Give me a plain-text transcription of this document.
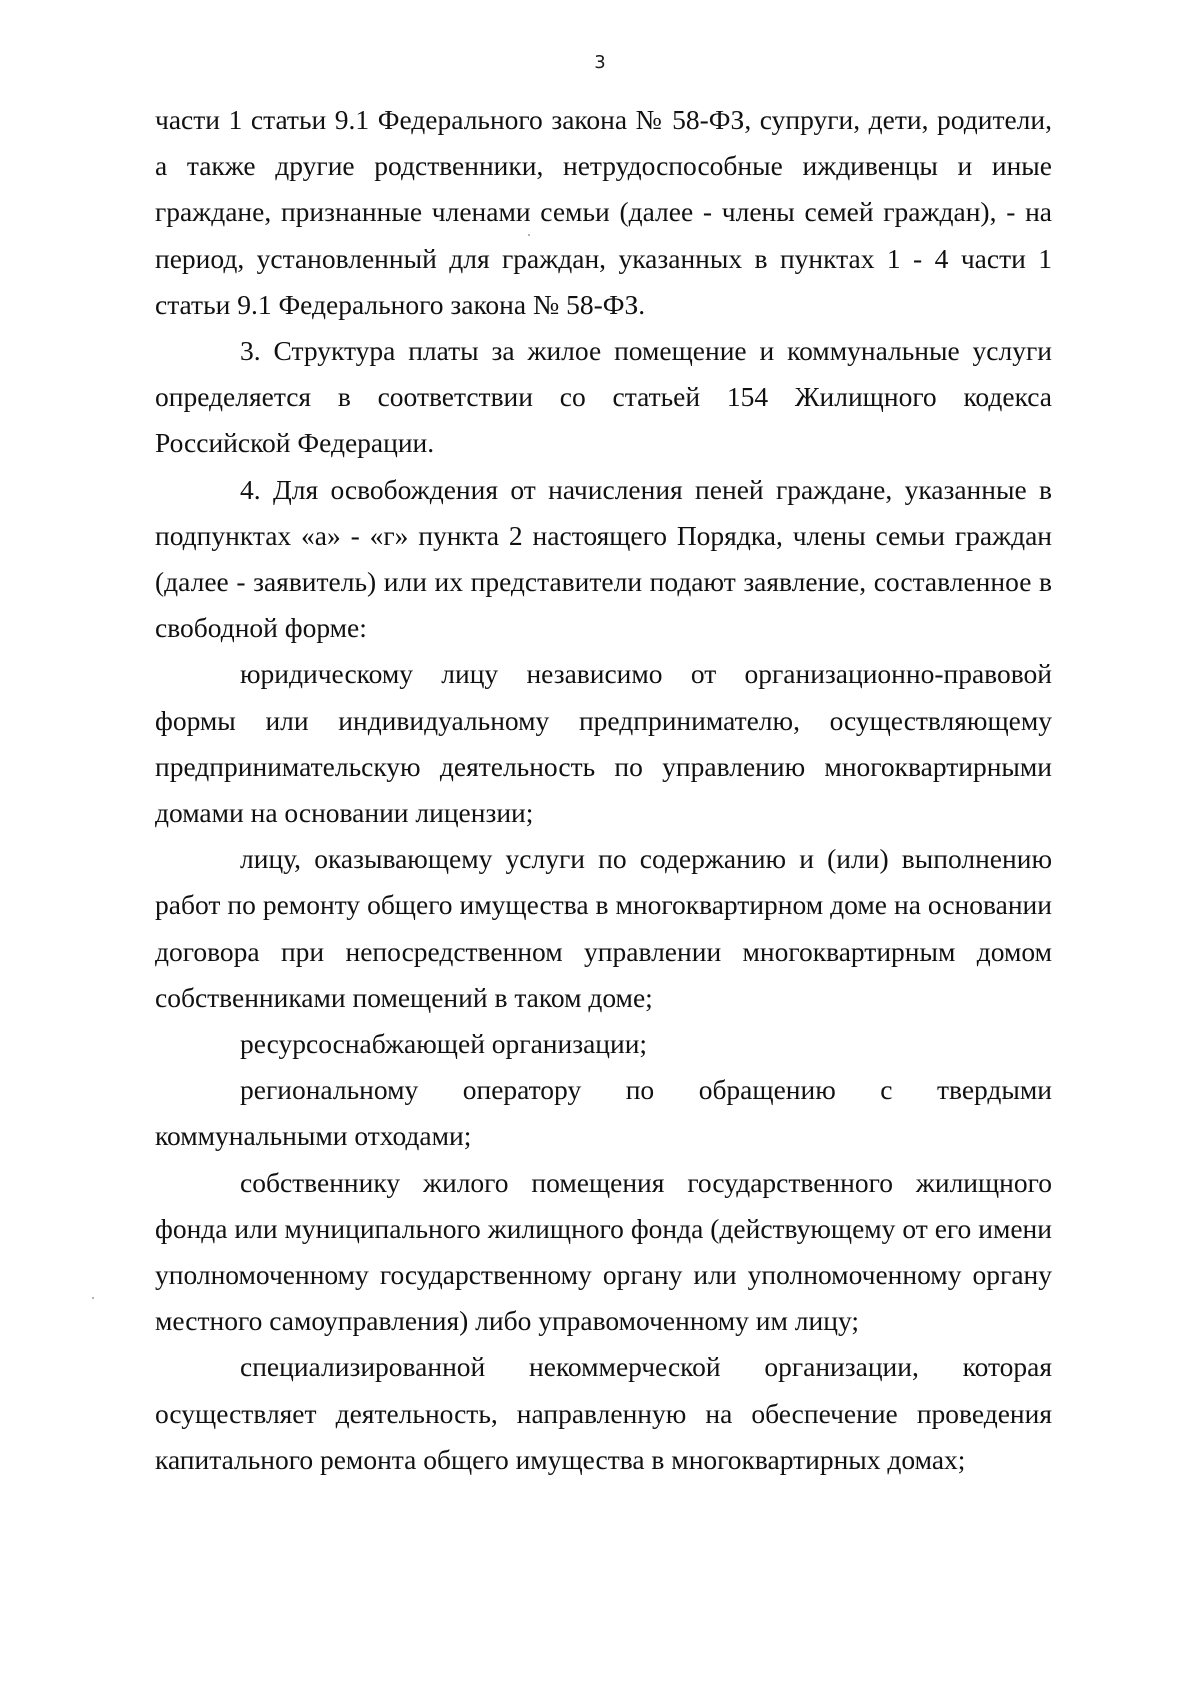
3

части 1 статьи 9.1 Федерального закона № 58-ФЗ, супруги, дети, родители, а также другие родственники, нетрудоспособные иждивенцы и иные граждане, признанные членами семьи (далее - члены семей граждан), - на период, установленный для граждан, указанных в пунктах 1 - 4 части 1 статьи 9.1 Федерального закона № 58-ФЗ.

3. Структура платы за жилое помещение и коммунальные услуги определяется в соответствии со статьей 154 Жилищного кодекса Российской Федерации.

4. Для освобождения от начисления пеней граждане, указанные в подпунктах «а» - «г» пункта 2 настоящего Порядка, члены семьи граждан (далее - заявитель) или их представители подают заявление, составленное в свободной форме:

юридическому лицу независимо от организационно-правовой формы или индивидуальному предпринимателю, осуществляющему предпринимательскую деятельность по управлению многоквартирными домами на основании лицензии;

лицу, оказывающему услуги по содержанию и (или) выполнению работ по ремонту общего имущества в многоквартирном доме на основании договора при непосредственном управлении многоквартирным домом собственниками помещений в таком доме;

ресурсоснабжающей организации;

региональному оператору по обращению с твердыми коммунальными отходами;

собственнику жилого помещения государственного жилищного фонда или муниципального жилищного фонда (действующему от его имени уполномоченному государственному органу или уполномоченному органу местного самоуправления) либо управомоченному им лицу;

специализированной некоммерческой организации, которая осуществляет деятельность, направленную на обеспечение проведения капитального ремонта общего имущества в многоквартирных домах;
